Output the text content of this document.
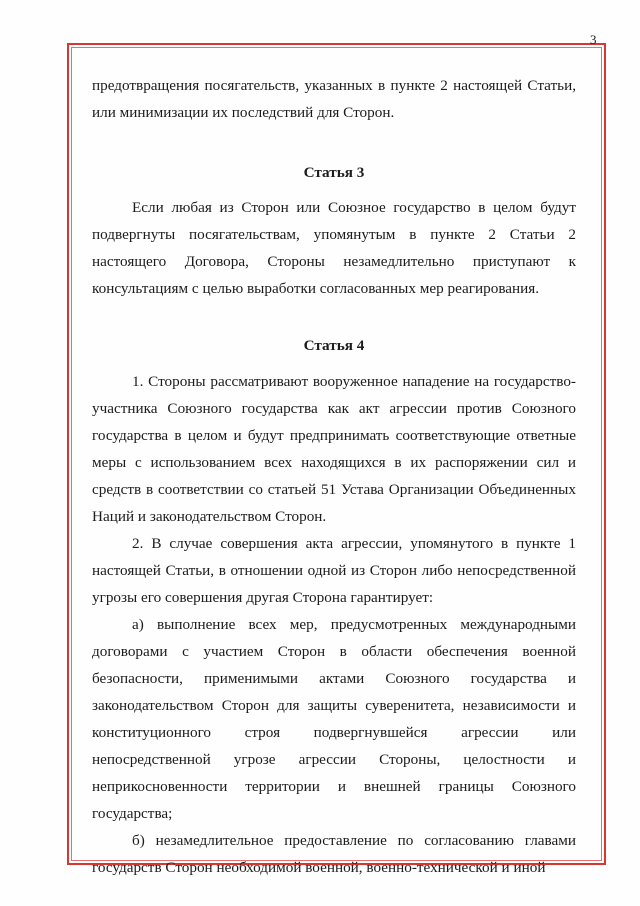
3

предотвращения посягательств, указанных в пункте 2 настоящей Статьи, или минимизации их последствий для Сторон.

Статья 3

Если любая из Сторон или Союзное государство в целом будут подвергнуты посягательствам, упомянутым в пункте 2 Статьи 2 настоящего Договора, Стороны незамедлительно приступают к консультациям с целью выработки согласованных мер реагирования.

Статья 4

1. Стороны рассматривают вооруженное нападение на государство-участника Союзного государства как акт агрессии против Союзного государства в целом и будут предпринимать соответствующие ответные меры с использованием всех находящихся в их распоряжении сил и средств в соответствии со статьей 51 Устава Организации Объединенных Наций и законодательством Сторон.

2. В случае совершения акта агрессии, упомянутого в пункте 1 настоящей Статьи, в отношении одной из Сторон либо непосредственной угрозы его совершения другая Сторона гарантирует:

а) выполнение всех мер, предусмотренных международными договорами с участием Сторон в области обеспечения военной безопасности, применимыми актами Союзного государства и законодательством Сторон для защиты суверенитета, независимости и конституционного строя подвергнувшейся агрессии или непосредственной угрозе агрессии Стороны, целостности и неприкосновенности территории и внешней границы Союзного государства;

б) незамедлительное предоставление по согласованию главами государств Сторон необходимой военной, военно-технической и иной
